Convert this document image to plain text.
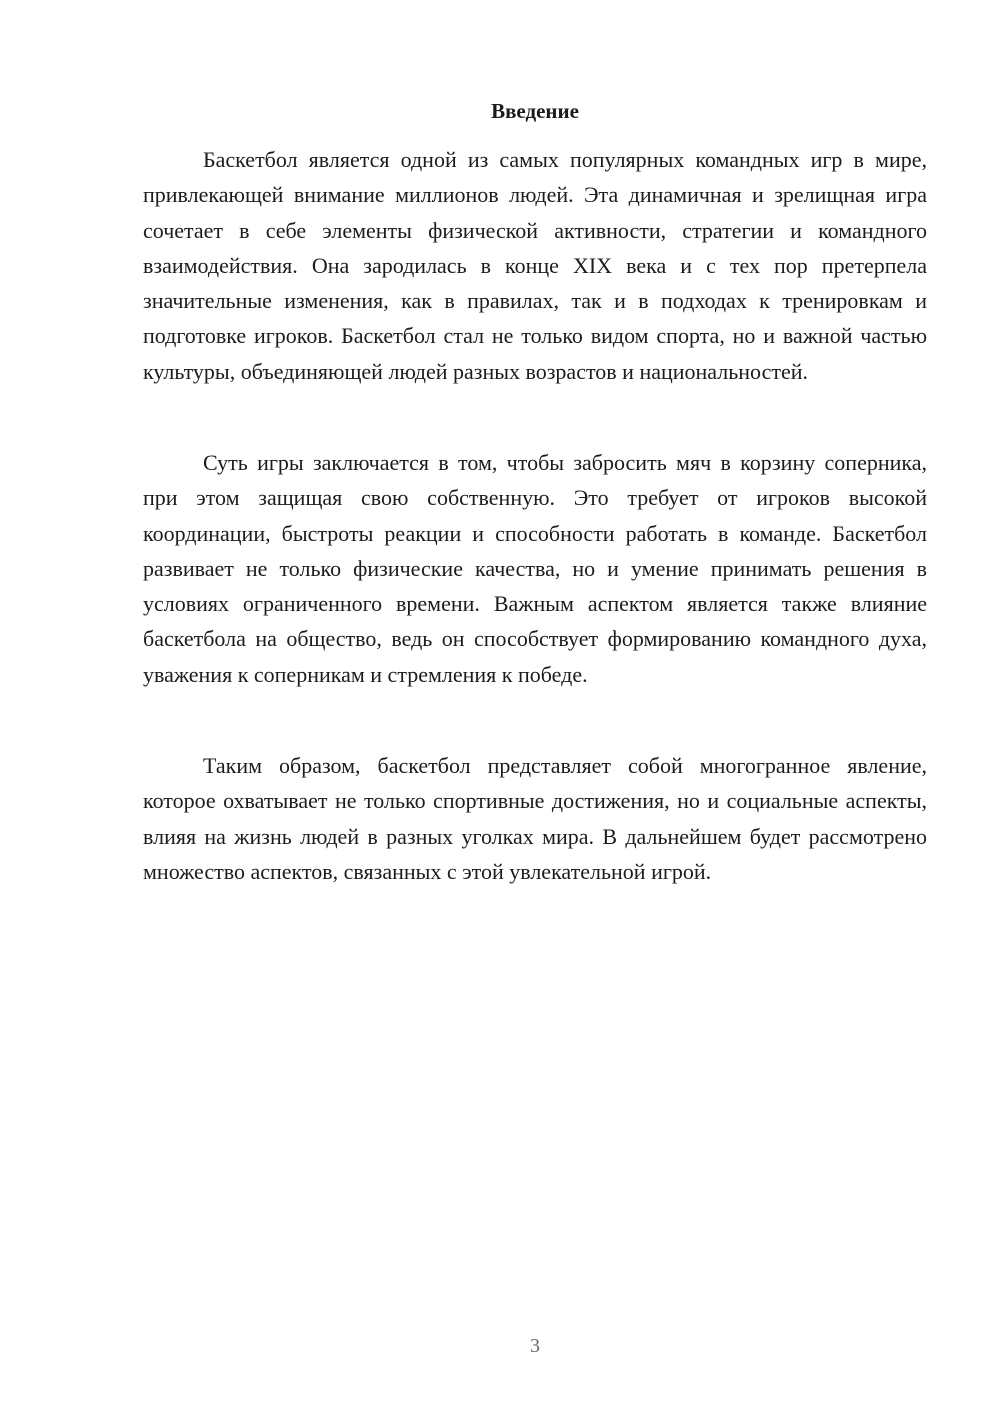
Введение

Баскетбол является одной из самых популярных командных игр в мире, привлекающей внимание миллионов людей. Эта динамичная и зрелищная игра сочетает в себе элементы физической активности, стратегии и командного взаимодействия. Она зародилась в конце XIX века и с тех пор претерпела значительные изменения, как в правилах, так и в подходах к тренировкам и подготовке игроков. Баскетбол стал не только видом спорта, но и важной частью культуры, объединяющей людей разных возрастов и национальностей.

Суть игры заключается в том, чтобы забросить мяч в корзину соперника, при этом защищая свою собственную. Это требует от игроков высокой координации, быстроты реакции и способности работать в команде. Баскетбол развивает не только физические качества, но и умение принимать решения в условиях ограниченного времени. Важным аспектом является также влияние баскетбола на общество, ведь он способствует формированию командного духа, уважения к соперникам и стремления к победе.

Таким образом, баскетбол представляет собой многогранное явление, которое охватывает не только спортивные достижения, но и социальные аспекты, влияя на жизнь людей в разных уголках мира. В дальнейшем будет рассмотрено множество аспектов, связанных с этой увлекательной игрой.

3
